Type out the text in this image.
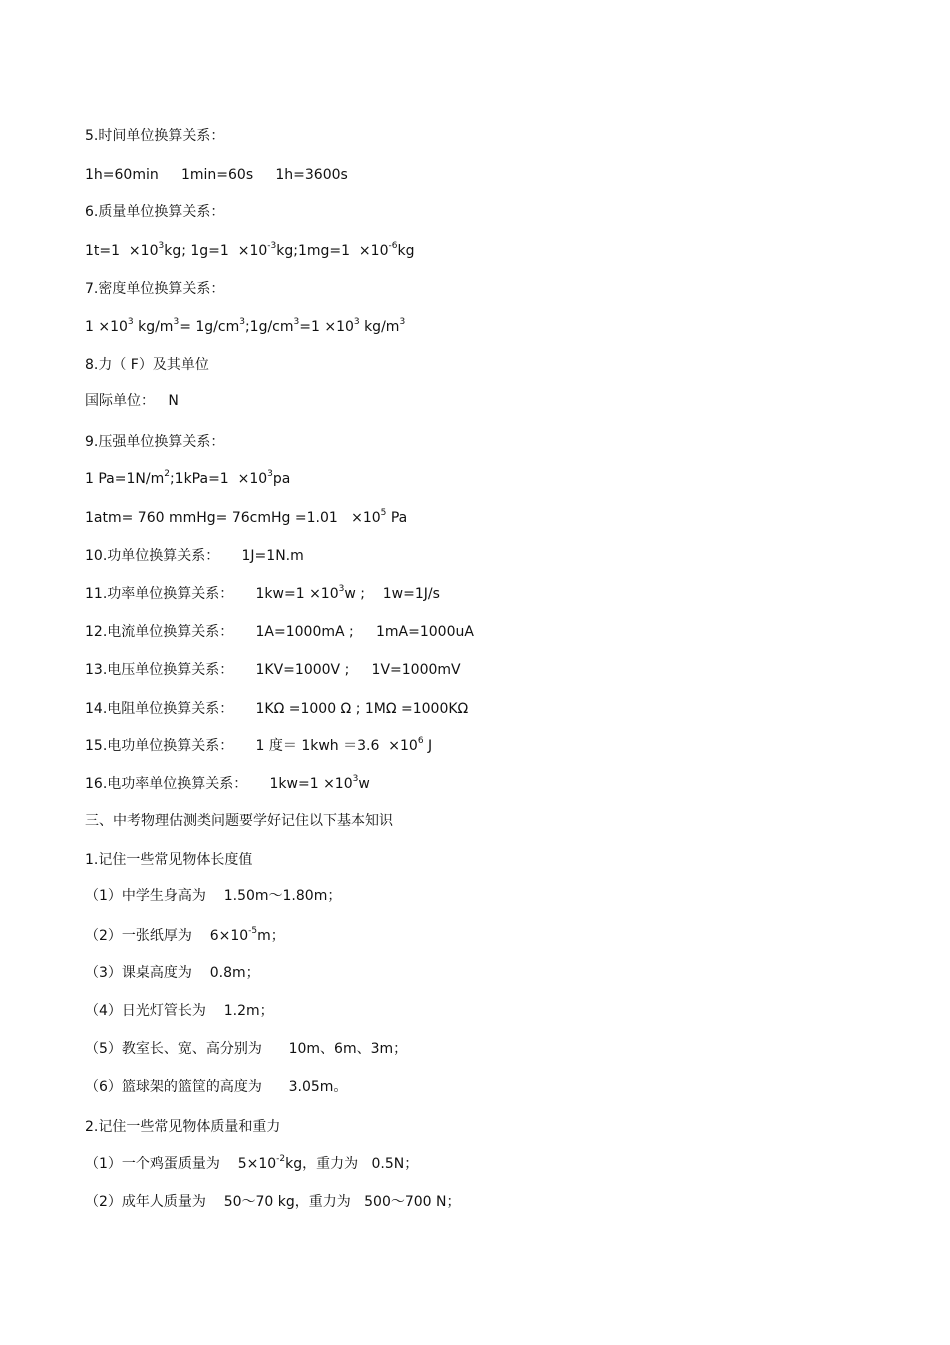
5.时间单位换算关系：
1h=60min     1min=60s     1h=3600s
6.质量单位换算关系：
$1t=1 \times 10^3kg$; $1g=1 \times 10^{-3}kg;1mg=1 \times 10^{-6}kg$
7.密度单位换算关系：
$1 \times 10^3$ $kg/m^3=$ $1g/cm^3;1g/cm^3=1 \times 10^3$ $kg/m^3$
8.力（ F）及其单位
国际单位：   N
9.压强单位换算关系：
1 $Pa=1N/m^2;1kPa=1 \times 10^3pa$
1atm= 760 mmHg= 76cmHg $=1.01 \times 10^5$ Pa
10.功单位换算关系：     1J=1N.m
11.功率单位换算关系：     $1kw=1 \times 10^3w$ ;    1w=1J/s
12.电流单位换算关系：     1A=1000mA ;     1mA=1000uA
13.电压单位换算关系：     1KV=1000V ;     1V=1000mV
14.电阻单位换算关系：     1KΩ =1000 Ω ; 1MΩ =1000KΩ
15.电功单位换算关系：     1 度＝ $1kwh =3.6 \times 10^6$ J
16.电功率单位换算关系：     $1kw=1 \times 10^3w$
三、中考物理估测类问题要学好记住以下基本知识
1.记住一些常见物体长度值
（1）中学生身高为    1.50m～1.80m；
（2）一张纸厚为    $6\times 10^{-5}m$；
（3）课桌高度为    0.8m；
（4）日光灯管长为    1.2m；
（5）教室长、宽、高分别为      10m、6m、3m；
（6）篮球架的篮筐的高度为      3.05m。
2.记住一些常见物体质量和重力
（1）一个鸡蛋质量为    $5\times 10^{-2}kg$，重力为   0.5N；
（2）成年人质量为    50～70 kg，重力为   500～700 N；
